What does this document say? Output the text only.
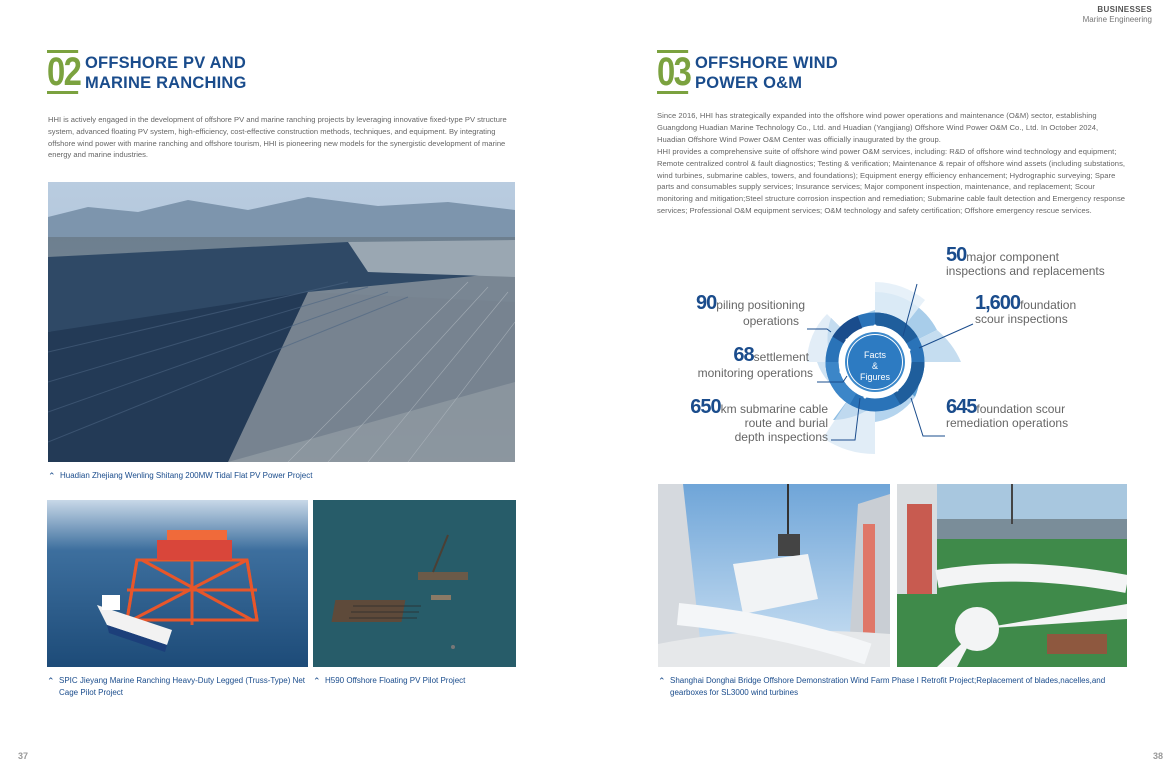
BUSINESSES
Marine Engineering
02 OFFSHORE PV AND
MARINE RANCHING
HHI is actively engaged in the development of offshore PV and marine ranching projects by leveraging innovative fixed-type PV structure system, advanced floating PV system, high-efficiency, cost-effective construction methods, techniques, and equipment. By integrating offshore wind power with marine ranching and offshore tourism, HHI is pioneering new models for the synergistic development of marine energy and marine industries.
⌃ Huadian Zhejiang Wenling Shitang 200MW Tidal Flat PV Power Project
⌃ SPIC Jieyang Marine Ranching Heavy-Duty Legged (Truss-Type) Net Cage Pilot Project
⌃ H590 Offshore Floating PV Pilot Project
37
03 OFFSHORE WIND
POWER O&M
Since 2016, HHI has strategically expanded into the offshore wind power operations and maintenance (O&M) sector, establishing Guangdong Huadian Marine Technology Co., Ltd. and Huadian (Yangjiang) Offshore Wind Power O&M Co., Ltd. In October 2024, Huadian Offshore Wind Power O&M Center was officially inaugurated by the group.
HHI provides a comprehensive suite of offshore wind power O&M services, including: R&D of offshore wind technology and equipment; Remote centralized control & fault diagnostics; Testing & verification; Maintenance & repair of offshore wind assets (including substations, wind turbines, submarine cables, towers, and foundations); Equipment energy efficiency enhancement; Hydrographic surveying; Spare parts and consumables supply services; Insurance services; Major component inspection, maintenance, and replacement; Scour monitoring and mitigation;Steel structure corrosion inspection and remediation; Submarine cable fault detection and Emergency response services; Professional O&M equipment services; O&M technology and safety certification; Offshore emergency rescue services.
Facts &
Figures
90piling positioning
operations
68settlement
monitoring operations
650km submarine cable
route and burial
depth inspections
50major component
inspections and replacements
1,600foundation
scour inspections
645foundation scour
remediation operations
⌃ Shanghai Donghai Bridge Offshore Demonstration Wind Farm Phase I Retrofit Project;Replacement of blades,nacelles,and gearboxes for SL3000 wind turbines
38
